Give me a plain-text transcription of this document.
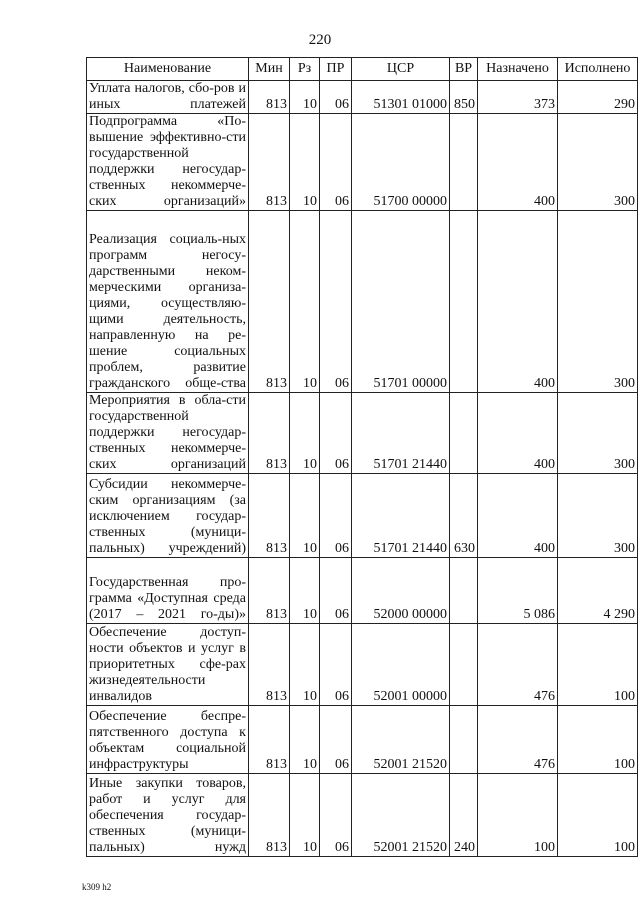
220
Наименование	Мин	Рз	ПР	ЦСР	ВР	Назначено	Исполнено
Уплата налогов, сбо-ров и иных платежей	813	10	06	51301 01000	850	373	290
Подпрограмма «По-вышение эффективно-сти государственной поддержки негосудар-ственных некоммерче-ских организаций»	813	10	06	51700 00000		400	300
Реализация социаль-ных программ негосу-дарственными неком-мерческими организа-циями, осуществляю-щими деятельность, направленную на ре-шение социальных проблем, развитие гражданского обще-ства	813	10	06	51701 00000		400	300
Мероприятия в обла-сти государственной поддержки негосудар-ственных некоммерче-ских организаций	813	10	06	51701 21440		400	300
Субсидии некоммерче-ским организациям (за исключением государ-ственных (муници-пальных) учреждений)	813	10	06	51701 21440	630	400	300
Государственная про-грамма «Доступная среда (2017 – 2021 го-ды)»	813	10	06	52000 00000		5 086	4 290
Обеспечение доступ-ности объектов и услуг в приоритетных сфе-рах жизнедеятельности инвалидов	813	10	06	52001 00000		476	100
Обеспечение беспре-пятственного доступа к объектам социальной инфраструктуры	813	10	06	52001 21520		476	100
Иные закупки товаров, работ и услуг для обеспечения государ-ственных (муници-пальных) нужд	813	10	06	52001 21520	240	100	100
k309 h2
